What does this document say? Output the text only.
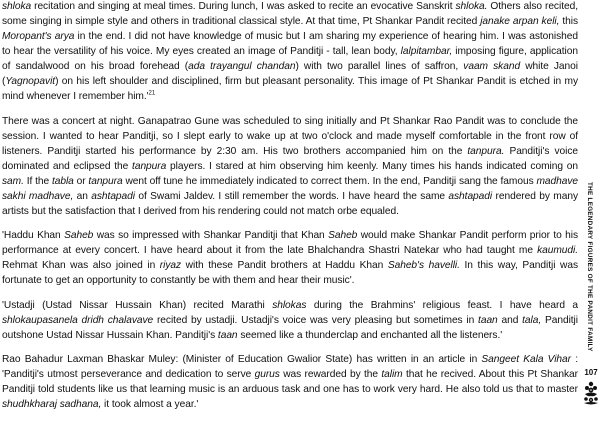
shloka recitation and singing at meal times. During lunch, I was asked to recite an evocative Sanskrit shloka. Others also recited, some singing in simple style and others in traditional classical style. At that time, Pt Shankar Pandit recited janake arpan keli, this Moropant's arya in the end. I did not have knowledge of music but I am sharing my experience of hearing him. I was astonished to hear the versatility of his voice. My eyes created an image of Panditji - tall, lean body, lalpitambar, imposing figure, application of sandalwood on his broad forehead (ada trayangul chandan) with two parallel lines of saffron, vaam skand white Janoi (Yagnopavit) on his left shoulder and disciplined, firm but pleasant personality. This image of Pt Shankar Pandit is etched in my mind whenever I remember $him.'^{21}$

There was a concert at night. Ganapatrao Gune was scheduled to sing initially and Pt Shankar Rao Pandit was to conclude the session. I wanted to hear Panditji, so I slept early to wake up at two o'clock and made myself comfortable in the front row of listeners. Panditji started his performance by 2:30 am. His two brothers accompanied him on the tanpura. Panditji's voice dominated and eclipsed the tanpura players. I stared at him observing him keenly. Many times his hands indicated coming on sam. If the tabla or tanpura went off tune he immediately indicated to correct them. In the end, Panditji sang the famous madhave sakhi madhave, an ashtapadi of Swami Jaldev. I still remember the words. I have heard the same ashtapadi rendered by many artists but the satisfaction that I derived from his rendering could not match orbe equaled.

'Haddu Khan Saheb was so impressed with Shankar Panditji that Khan Saheb would make Shankar Pandit perform prior to his performance at every concert. I have heard about it from the late Bhalchandra Shastri Natekar who had taught me kaumudi. Rehmat Khan was also joined in riyaz with these Pandit brothers at Haddu Khan Saheb's havelli. In this way, Panditji was fortunate to get an opportunity to constantly be with them and hear their music'.

'Ustadji (Ustad Nissar Hussain Khan) recited Marathi shlokas during the Brahmins' religious feast. I have heard a shlokaupasanela dridh chalavave recited by ustadji. Ustadji's voice was very pleasing but sometimes in taan and tala, Panditji outshone Ustad Nissar Hussain Khan. Panditji's taan seemed like a thunderclap and enchanted all the listeners.'

Rao Bahadur Laxman Bhaskar Muley: (Minister of Education Gwalior State) has written in an article in Sangeet Kala Vihar : 'Panditji's utmost perseverance and dedication to serve gurus was rewarded by the talim that he recived. About this Pt Shankar Panditji told students like us that learning music is an arduous task and one has to work very hard. He also told us that to master shudhkharaj sadhana, it took almost a year.'

THE LEGENDARY FIGURES OF THE PANDIT FAMILY
107
